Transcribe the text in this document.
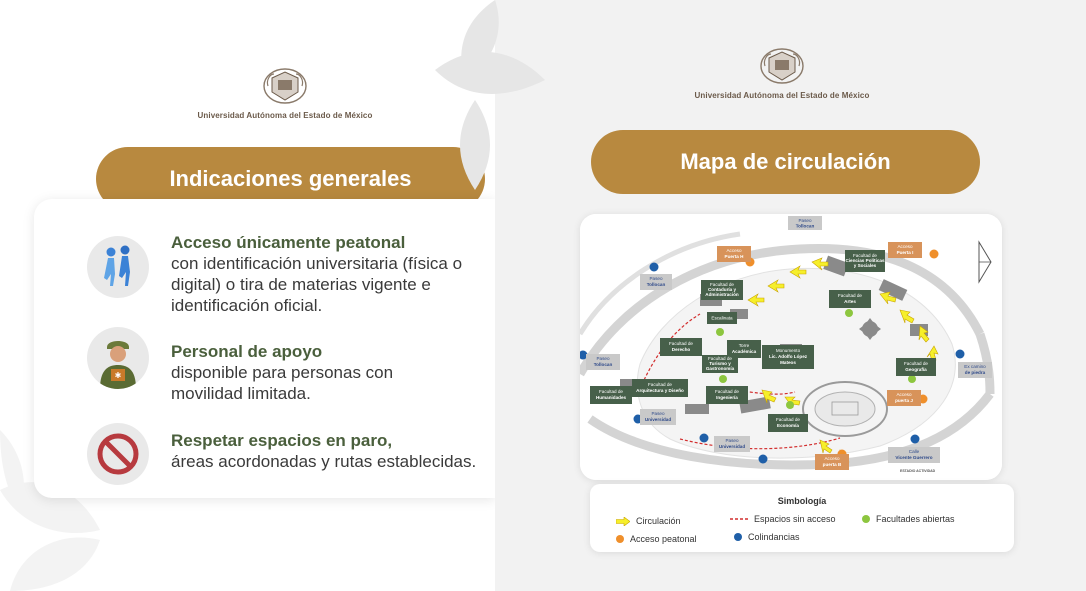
Universidad Autónoma del Estado de México
Indicaciones generales
Acceso únicamente peatonal
con identificación universitaria (física o digital) o tira de materias vigente e identificación oficial.
✱
Personal de apoyo
disponible para personas con movilidad limitada.
Respetar espacios en paro,
áreas acordonadas y rutas establecidas.
Universidad Autónoma del Estado de México
Mapa de circulación
Paseo
Tollocan
Paseo
Tollocan
Paseo
Tollocan
Paseo
Universidad
Paseo
Universidad
Calle
Vicente Guerrero
Ex camino
de piedra
Acceso
Puerta H
Acceso
Puerta I
Acceso
puerta J
Acceso
puerta B
Facultad de
Contaduría y
Administración
Escalinata
Facultad de
Derecho
Torre
Académica
Facultad de
Turismo y
Gastronomía
Monumento
Lic. Adolfo López
Mateos
Facultad de
Arquitectura y Diseño
Facultad de
Humanidades
Facultad de
Ingeniería
Facultad de
Economía
Facultad de
Artes
Facultad de
Ciencias Políticas
y Sociales
Facultad de
Geografía
ESTADIO ACTIVIDAD
Simbología
Circulación
Acceso peatonal
Espacios sin acceso
Colindancias
Facultades abiertas
